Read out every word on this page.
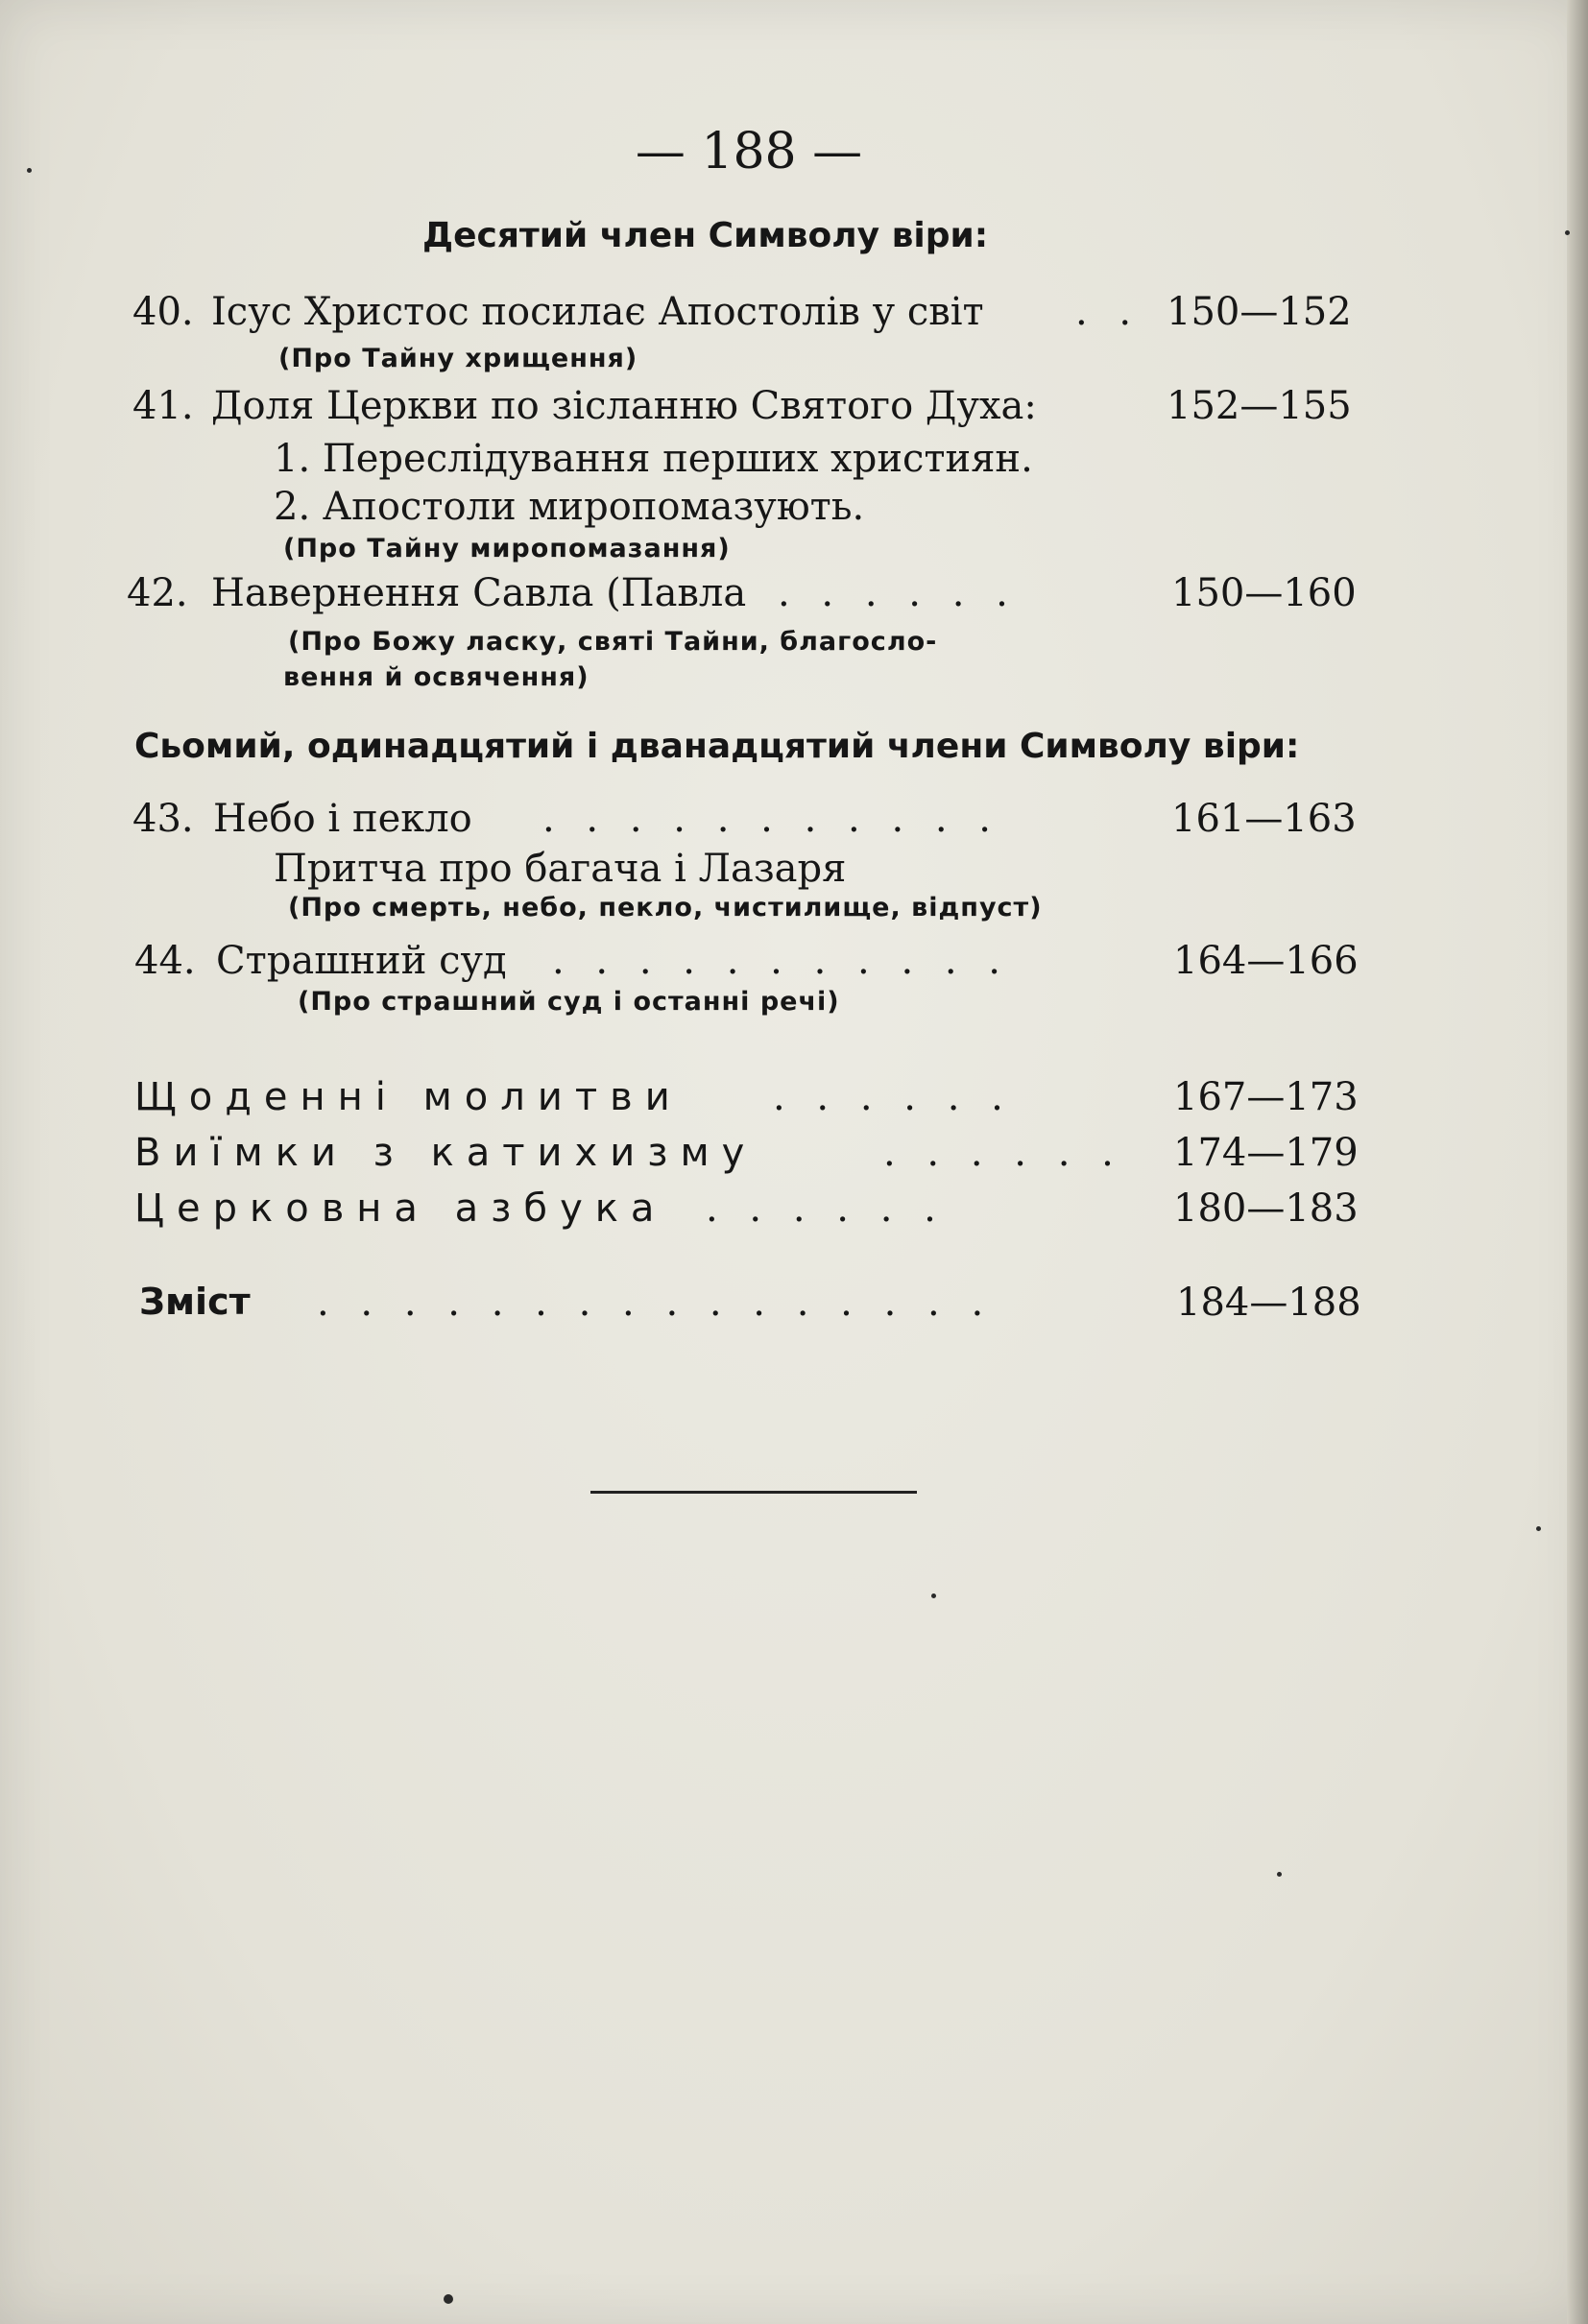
— 188 —
Десятий член Символу віри:
40. Ісус Христос посилає Апостолів у світ . . 150—152
(Про Тайну хрищення)
41. Доля Церкви по зісланню Святого Духа:	152—155
1. Переслідування перших християн.
2. Апостоли миропомазують.
(Про Тайну миропомазання)
42. Навернення Савла (Павла . . . . . .	150—160
(Про Божу ласку, святі Тайни, благосло-
вення й освячення)
Сьомий, одинадцятий і дванадцятий члени Символу віри:
43. Небо і пекло . . . . . . . . . . .	161—163
Притча про багача і Лазаря
(Про смерть, небо, пекло, чистилище, відпуст)
44. Страшний суд . . . . . . . . . . .	164—166
(Про страшний суд і останні речі)
Щоденні молитви . . . . . .	167—173
Виїмки з катихизму	. . . . . . 174—179
Церковна азбука . . . . . .	180—183
Зміст . . . . . . . . . . . . . . . .	184—188
